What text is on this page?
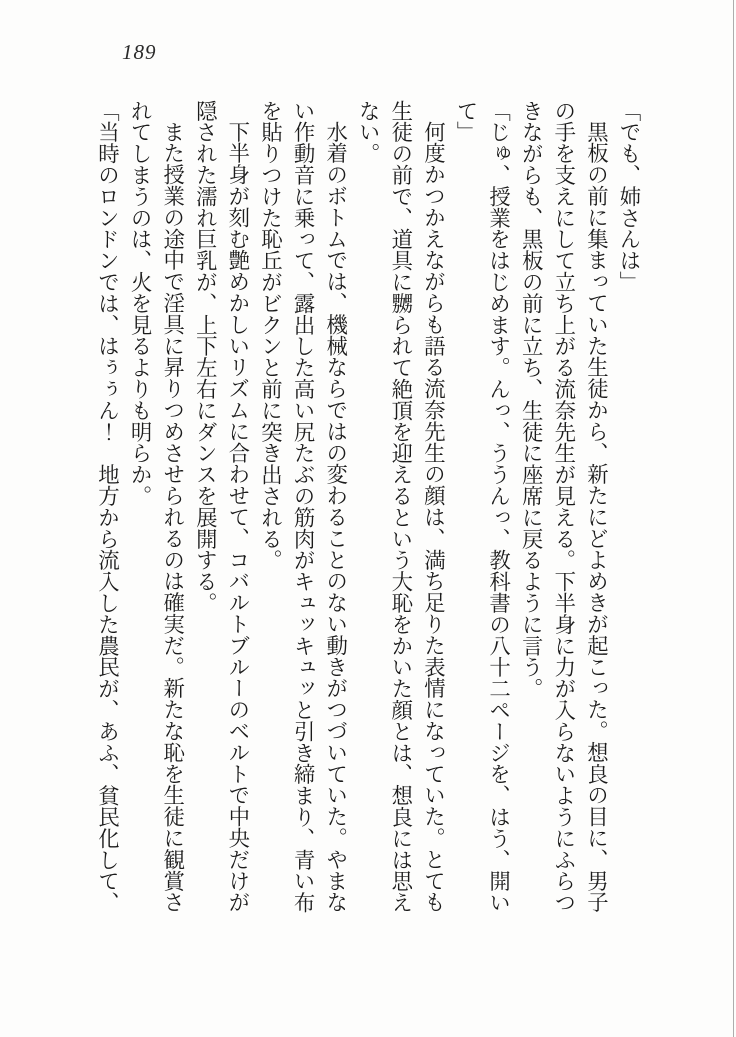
189

「でも、姉さんは」

黒板の前に集まっていた生徒から、新たにどよめきが起こった。想良の目に、男子の手を支えにして立ち上がる流奈先生が見える。下半身に力が入らないようにふらつきながらも、黒板の前に立ち、生徒に座席に戻るように言う。

「じゅ、授業をはじめます。んっ、ううんっ、教科書の八十二ページを、はう、開いて」

何度かつかえながらも語る流奈先生の顔は、満ち足りた表情になっていた。とても生徒の前で、道具に嬲られて絶頂を迎えるという大恥をかいた顔とは、想良には思えない。

水着のボトムでは、機械ならではの変わることのない動きがつづいていた。やまない作動音に乗って、露出した高い尻たぶの筋肉がキュッキュッと引き締まり、青い布を貼りつけた恥丘がビクンと前に突き出される。

下半身が刻む艶めかしいリズムに合わせて、コバルトブルーのベルトで中央だけが隠された濡れ巨乳が、上下左右にダンスを展開する。

また授業の途中で淫具に昇りつめさせられるのは確実だ。新たな恥を生徒に観賞されてしまうのは、火を見るよりも明らか。

「当時のロンドンでは、はぅぅん！　地方から流入した農民が、あふ、貧民化して、
